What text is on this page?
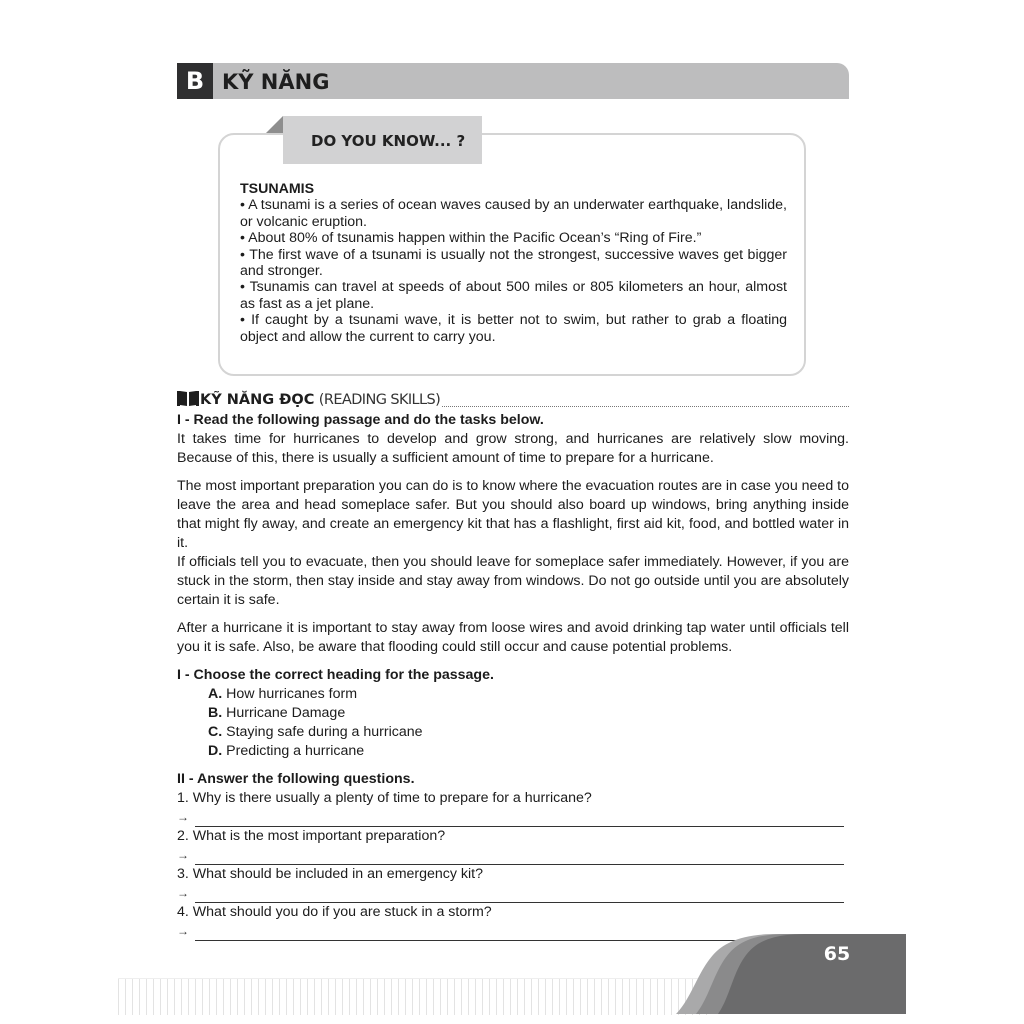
B KỸ NĂNG
DO YOU KNOW... ?

TSUNAMIS

• A tsunami is a series of ocean waves caused by an underwater earthquake, landslide, or volcanic eruption.

• About 80% of tsunamis happen within the Pacific Ocean’s “Ring of Fire.”

• The first wave of a tsunami is usually not the strongest, successive waves get bigger and stronger.

• Tsunamis can travel at speeds of about 500 miles or 805 kilometers an hour, almost as fast as a jet plane.

• If caught by a tsunami wave, it is better not to swim, but rather to grab a floating object and allow the current to carry you.

KỸ NĂNG ĐỌC (READING SKILLS)

I - Read the following passage and do the tasks below.

It takes time for hurricanes to develop and grow strong, and hurricanes are relatively slow moving. Because of this, there is usually a sufficient amount of time to prepare for a hurricane.

The most important preparation you can do is to know where the evacuation routes are in case you need to leave the area and head someplace safer. But you should also board up windows, bring anything inside that might fly away, and create an emergency kit that has a flashlight, first aid kit, food, and bottled water in it.

If officials tell you to evacuate, then you should leave for someplace safer immediately. However, if you are stuck in the storm, then stay inside and stay away from windows. Do not go outside until you are absolutely certain it is safe.

After a hurricane it is important to stay away from loose wires and avoid drinking tap water until officials tell you it is safe. Also, be aware that flooding could still occur and cause potential problems.

I - Choose the correct heading for the passage.

A. How hurricanes form
B. Hurricane Damage
C. Staying safe during a hurricane
D. Predicting a hurricane

II - Answer the following questions.

1. Why is there usually a plenty of time to prepare for a hurricane?

→

2. What is the most important preparation?

→

3. What should be included in an emergency kit?

→

4. What should you do if you are stuck in a storm?

→
65
